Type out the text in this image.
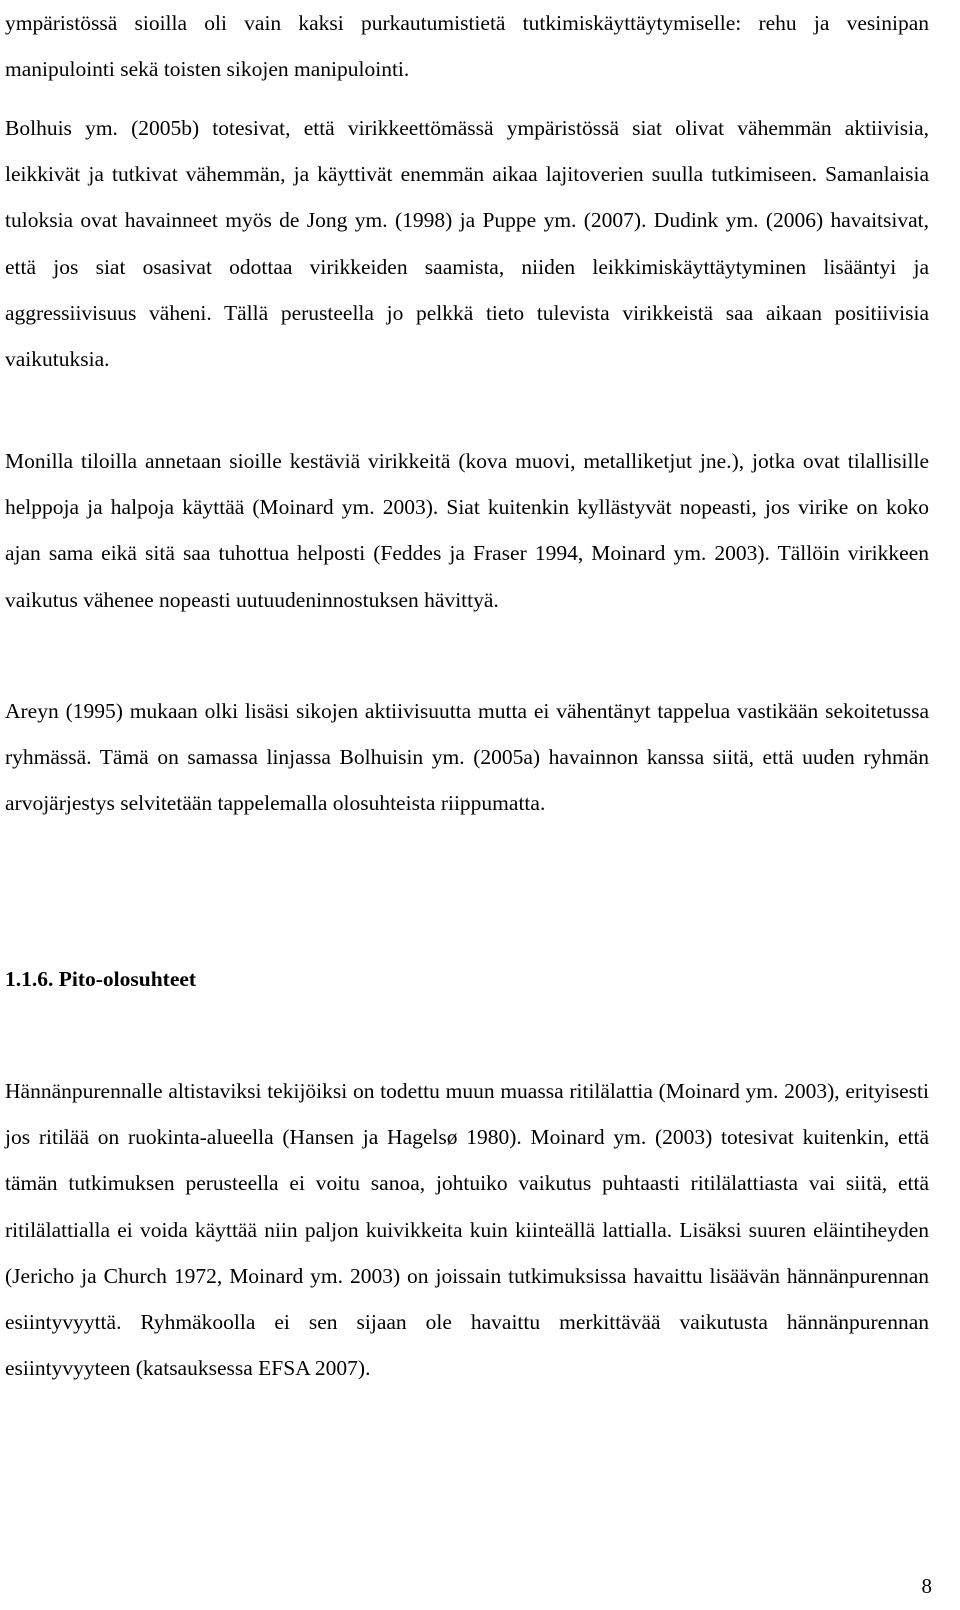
ympäristössä sioilla oli vain kaksi purkautumistietä tutkimiskäyttäytymiselle: rehu ja vesinipan manipulointi sekä toisten sikojen manipulointi.

Bolhuis ym. (2005b) totesivat, että virikkeettömässä ympäristössä siat olivat vähemmän aktiivisia, leikkivät ja tutkivat vähemmän, ja käyttivät enemmän aikaa lajitoverien suulla tutkimiseen. Samanlaisia tuloksia ovat havainneet myös de Jong ym. (1998) ja Puppe ym. (2007). Dudink ym. (2006) havaitsivat, että jos siat osasivat odottaa virikkeiden saamista, niiden leikkimiskäyttäytyminen lisääntyi ja aggressiivisuus väheni. Tällä perusteella jo pelkkä tieto tulevista virikkeistä saa aikaan positiivisia vaikutuksia.

Monilla tiloilla annetaan sioille kestäviä virikkeitä (kova muovi, metalliketjut jne.), jotka ovat tilallisille helppoja ja halpoja käyttää (Moinard ym. 2003). Siat kuitenkin kyllästyvät nopeasti, jos virike on koko ajan sama eikä sitä saa tuhottua helposti (Feddes ja Fraser 1994, Moinard ym. 2003). Tällöin virikkeen vaikutus vähenee nopeasti uutuudeninnostuksen hävittyä.

Areyn (1995) mukaan olki lisäsi sikojen aktiivisuutta mutta ei vähentänyt tappelua vastikään sekoitetussa ryhmässä. Tämä on samassa linjassa Bolhuisin ym. (2005a) havainnon kanssa siitä, että uuden ryhmän arvojärjestys selvitetään tappelemalla olosuhteista riippumatta.

1.1.6. Pito-olosuhteet

Hännänpurennalle altistaviksi tekijöiksi on todettu muun muassa ritilälattia (Moinard ym. 2003), erityisesti jos ritilää on ruokinta-alueella (Hansen ja Hagelsø 1980). Moinard ym. (2003) totesivat kuitenkin, että tämän tutkimuksen perusteella ei voitu sanoa, johtuiko vaikutus puhtaasti ritilälattiasta vai siitä, että ritilälattialla ei voida käyttää niin paljon kuivikkeita kuin kiinteällä lattialla. Lisäksi suuren eläintiheyden (Jericho ja Church 1972, Moinard ym. 2003) on joissain tutkimuksissa havaittu lisäävän hännänpurennan esiintyvyyttä. Ryhmäkoolla ei sen sijaan ole havaittu merkittävää vaikutusta hännänpurennan esiintyvyyteen (katsauksessa EFSA 2007).

8
